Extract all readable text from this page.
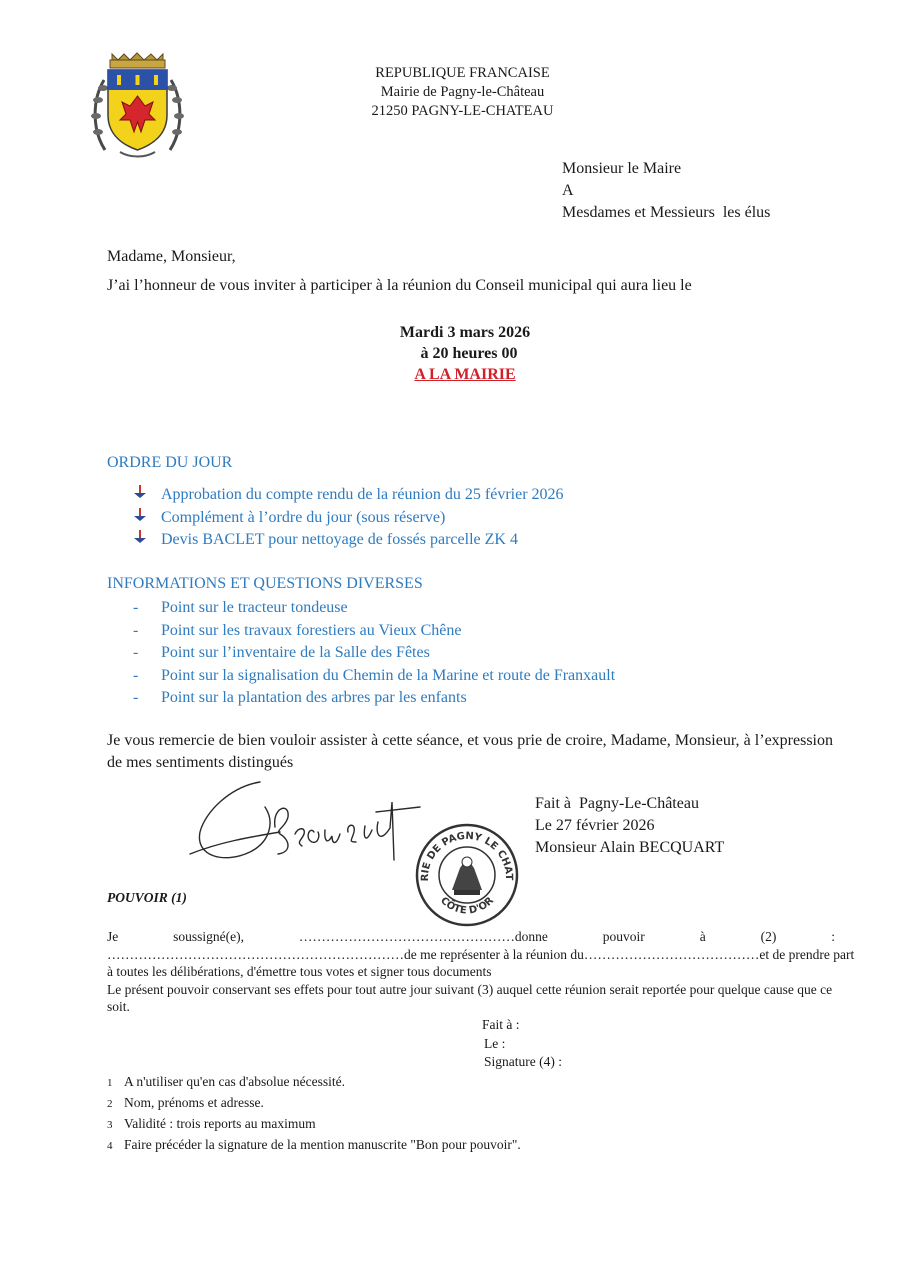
REPUBLIQUE FRANCAISE
Mairie de Pagny-le-Château
21250 PAGNY-LE-CHATEAU
Monsieur le Maire
A
Mesdames et Messieurs  les élus
Madame, Monsieur,
J’ai l’honneur de vous inviter à participer à la réunion du Conseil municipal qui aura lieu le
Mardi 3 mars 2026
à 20 heures 00
A LA MAIRIE
ORDRE DU JOUR
Approbation du compte rendu de la réunion du 25 février 2026
Complément à l’ordre du jour (sous réserve)
Devis BACLET pour nettoyage de fossés parcelle ZK 4
INFORMATIONS ET QUESTIONS DIVERSES
-	Point sur le tracteur tondeuse
-	Point sur les travaux forestiers au Vieux Chêne
-	Point sur l’inventaire de la Salle des Fêtes
-	Point sur la signalisation du Chemin de la Marine et route de Franxault
-	Point sur la plantation des arbres par les enfants
Je vous remercie de bien vouloir assister à cette séance, et vous prie de croire, Madame, Monsieur, à l’expression de mes sentiments distingués
RIE DE PAGNY LE CHAT
CÔTE D'OR
Fait à  Pagny-Le-Château
Le 27 février 2026
Monsieur Alain BECQUART
POUVOIR (1)
Je	soussigné(e),	…………………………………………donne	pouvoir	à	(2)	:
…………………………………………………………de me représenter à la réunion du…………………………………et de prendre part
à toutes les délibérations, d'émettre tous votes et signer tous documents
Le présent pouvoir conservant ses effets pour tout autre jour suivant (3) auquel cette réunion serait reportée pour quelque cause que ce soit.
Fait à :
Le :
Signature (4) :
1 A n'utiliser qu'en cas d'absolue nécessité.
2 Nom, prénoms et adresse.
3 Validité : trois reports au maximum
4 Faire précéder la signature de la mention manuscrite "Bon pour pouvoir".
